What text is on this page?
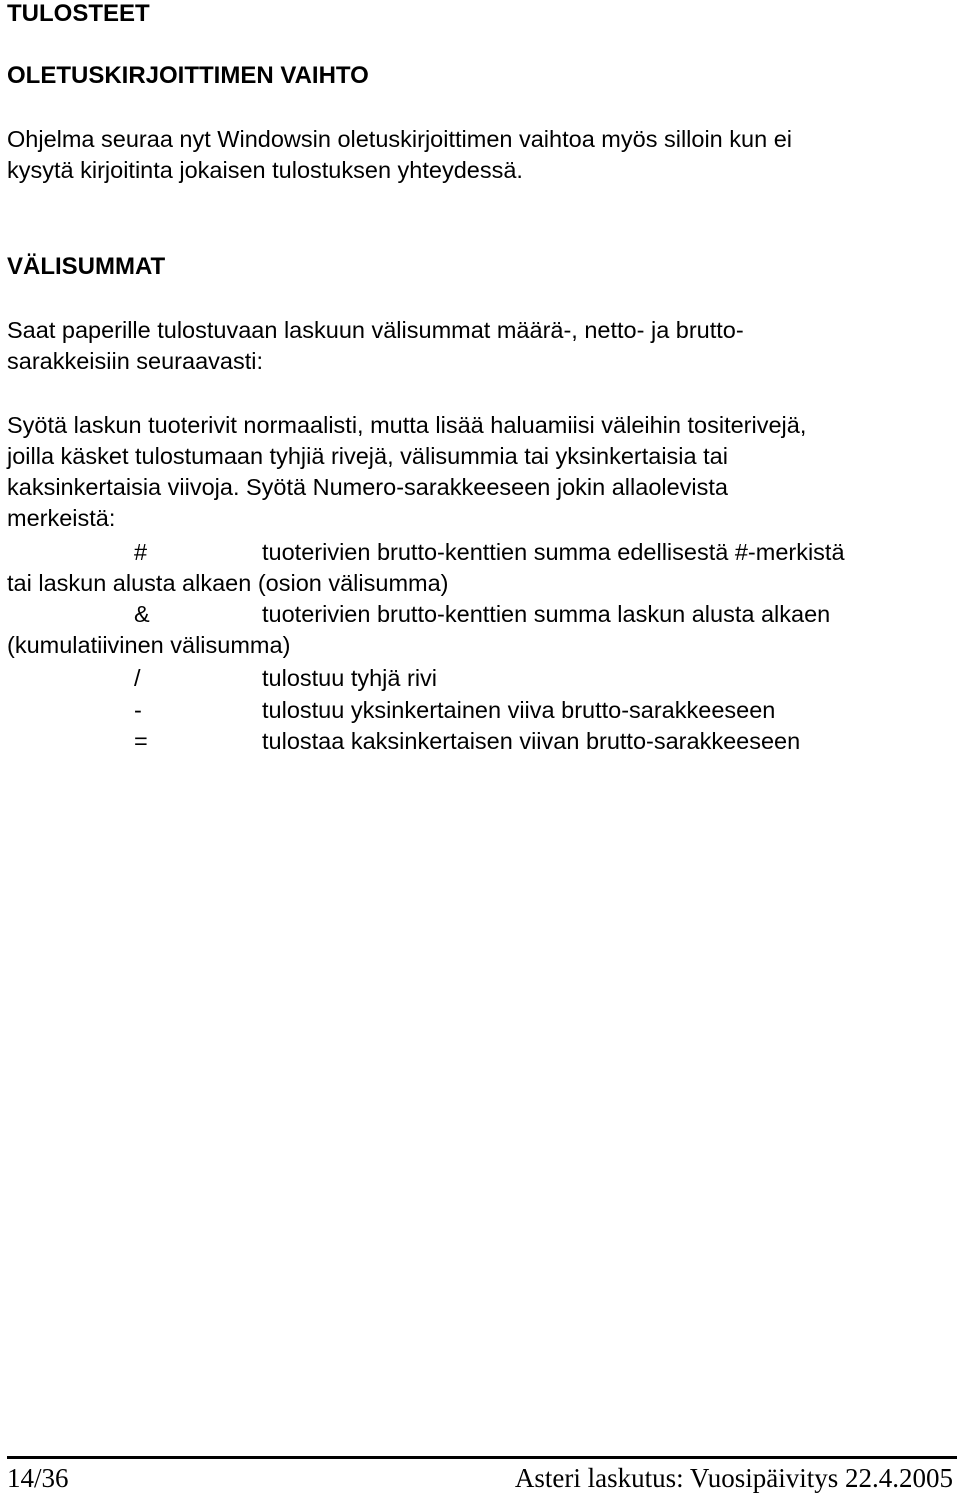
TULOSTEET
OLETUSKIRJOITTIMEN VAIHTO

Ohjelma seuraa nyt Windowsin oletuskirjoittimen vaihtoa myös silloin kun ei

kysytä kirjoitinta jokaisen tulostuksen yhteydessä.

VÄLISUMMAT

Saat paperille tulostuvaan laskuun välisummat määrä-, netto- ja brutto-

sarakkeisiin seuraavasti:

Syötä laskun tuoterivit normaalisti, mutta lisää haluamiisi väleihin tositerivejä,

joilla käsket tulostumaan tyhjiä rivejä, välisummia tai yksinkertaisia tai

kaksinkertaisia viivoja. Syötä Numero-sarakkeeseen jokin allaolevista

merkeistä:

#	tuoterivien brutto-kenttien summa edellisestä #-merkistä

tai laskun alusta alkaen (osion välisumma)

&	tuoterivien brutto-kenttien summa laskun alusta alkaen

(kumulatiivinen välisumma)

/	tulostuu tyhjä rivi
-	tulostuu yksinkertainen viiva brutto-sarakkeeseen
=	tulostaa kaksinkertaisen viivan brutto-sarakkeeseen
14/36	Asteri laskutus: Vuosipäivitys 22.4.2005
